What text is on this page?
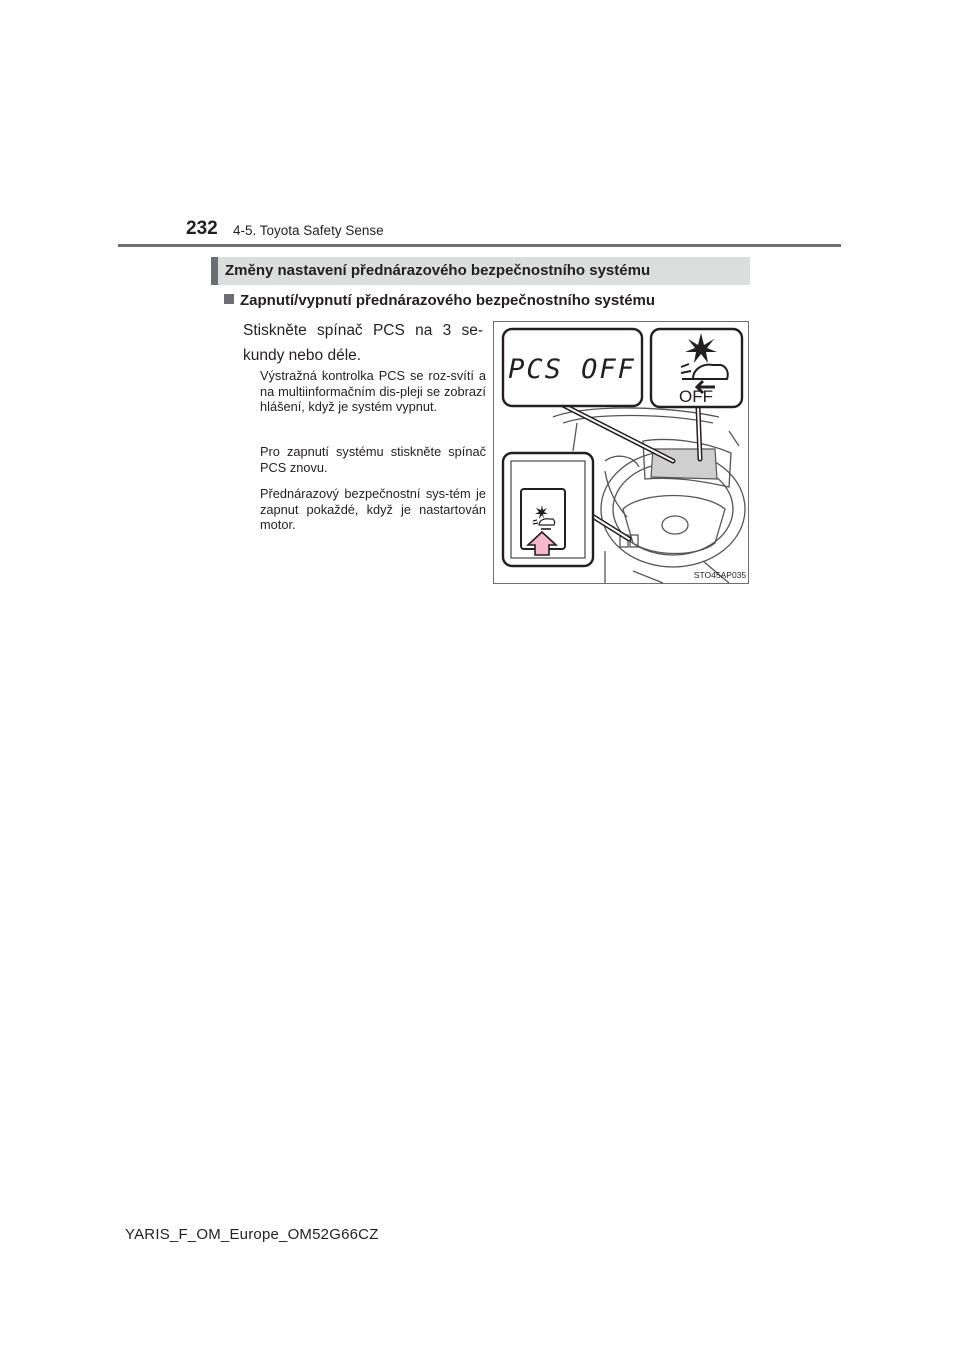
232 4-5. Toyota Safety Sense
Změny nastavení přednárazového bezpečnostního systému
Zapnutí/vypnutí přednárazového bezpečnostního systému
Stiskněte spínač PCS na 3 se-kundy nebo déle.
Výstražná kontrolka PCS se roz-svítí a na multiinformačním dis-pleji se zobrazí hlášení, když je systém vypnut.
Pro zapnutí systému stiskněte spínač PCS znovu.
Přednárazový bezpečnostní sys-tém je zapnut pokaždé, když je nastartován motor.
PCS OFF
OFF
STO45AP035
YARIS_F_OM_Europe_OM52G66CZ
